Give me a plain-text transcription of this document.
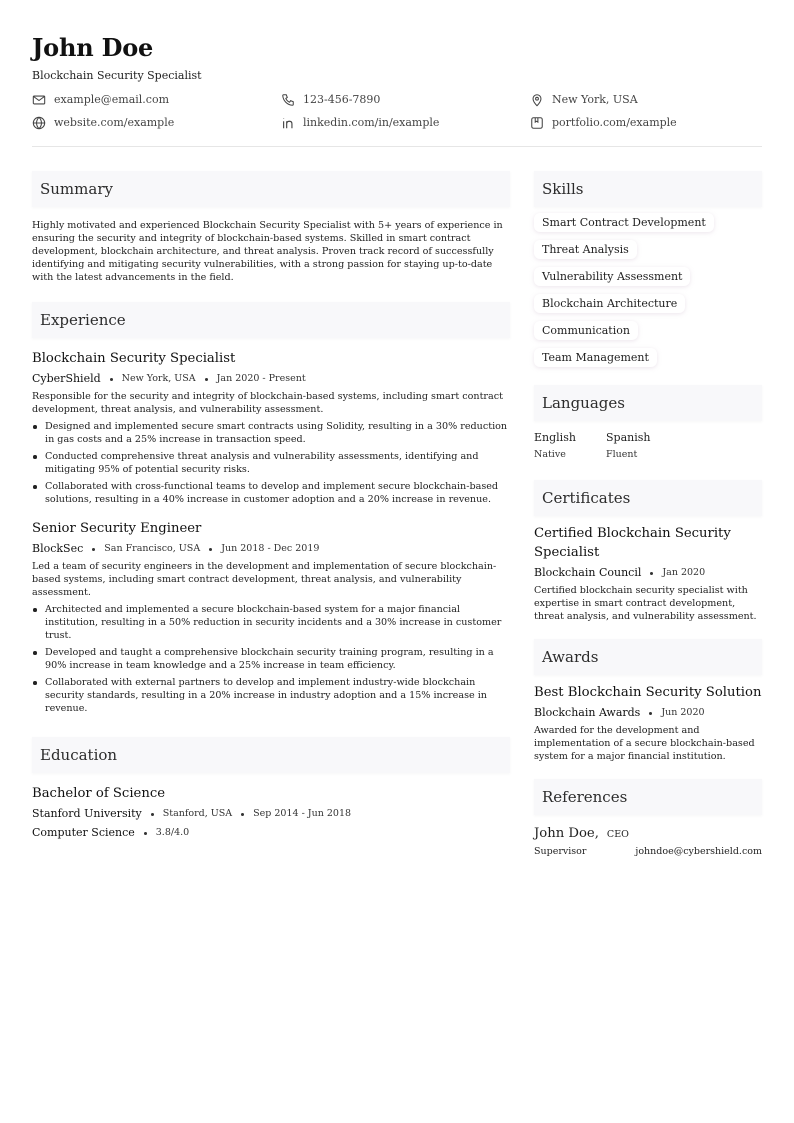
John Doe
Blockchain Security Specialist
example@email.com	123-456-7890	New York, USA
website.com/example	linkedin.com/in/example	portfolio.com/example
Summary

Highly motivated and experienced Blockchain Security Specialist with 5+ years of experience in ensuring the security and integrity of blockchain-based systems. Skilled in smart contract development, blockchain architecture, and threat analysis. Proven track record of successfully identifying and mitigating security vulnerabilities, with a strong passion for staying up-to-date with the latest advancements in the field.

Experience
Blockchain Security Specialist
CyberShield New York, USA Jan 2020 - Present

Responsible for the security and integrity of blockchain-based systems, including smart contract development, threat analysis, and vulnerability assessment.

Designed and implemented secure smart contracts using Solidity, resulting in a 30% reduction in gas costs and a 25% increase in transaction speed.
Conducted comprehensive threat analysis and vulnerability assessments, identifying and mitigating 95% of potential security risks.
Collaborated with cross-functional teams to develop and implement secure blockchain-based solutions, resulting in a 40% increase in customer adoption and a 20% increase in revenue.
Senior Security Engineer
BlockSec San Francisco, USA Jun 2018 - Dec 2019

Led a team of security engineers in the development and implementation of secure blockchain-based systems, including smart contract development, threat analysis, and vulnerability assessment.

Architected and implemented a secure blockchain-based system for a major financial institution, resulting in a 50% reduction in security incidents and a 30% increase in customer trust.
Developed and taught a comprehensive blockchain security training program, resulting in a 90% increase in team knowledge and a 25% increase in team efficiency.
Collaborated with external partners to develop and implement industry-wide blockchain security standards, resulting in a 20% increase in industry adoption and a 15% increase in revenue.
Education
Bachelor of Science
Stanford University Stanford, USA Sep 2014 - Jun 2018
Computer Science 3.8/4.0
Skills
Smart Contract Development
Threat Analysis
Vulnerability Assessment
Blockchain Architecture
Communication
Team Management
Languages
English
Native
Spanish
Fluent
Certificates
Certified Blockchain Security Specialist
Blockchain Council Jan 2020

Certified blockchain security specialist with expertise in smart contract development, threat analysis, and vulnerability assessment.

Awards
Best Blockchain Security Solution
Blockchain Awards Jun 2020

Awarded for the development and implementation of a secure blockchain-based system for a major financial institution.

References
John Doe, CEO
Supervisor	johndoe@cybershield.com
